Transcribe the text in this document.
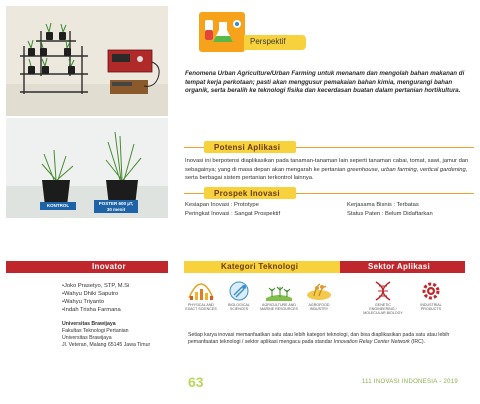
KONTROL	POSTER 600 µT, 30 menit
Perspektif
Fenomena Urban Agriculture/Urban Farming untuk menanam dan mengolah bahan makanan di tempat kerja perkotaan; pasti akan menggusur pemakaian bahan kimia, mengurangi bahan organik, serta beralih ke teknologi fisika dan kecerdasan buatan dalam pertanian hortikultura.
Potensi Aplikasi
Inovasi ini berpotensi diaplikasikan pada tanaman-tanaman lain seperti tanaman cabai, tomat, sawi, jamur dan sebagainya; yang di masa depan akan mengarah ke pertanian greenhouse, urban farming, vertical gardening, serta berbagai sistem pertanian terkontrol lainnya.
Prospek Inovasi
Kesiapan Inovasi : Prototype
Peringkat Inovasi : Sangat Prospektif
Kerjasama Bisnis : Terbatas
Status Paten : Belum Didaftarkan
Inovator
• Joko Prasetyo, STP, M.Si
• Wahyu Dhiki Saputro
• Wahyu Triyanto
• Indah Trisha Farmana
Universitas Brawijaya
Fakultas Teknologi Pertanian
Universitas Brawijaya
Jl. Veteran, Malang 65145 Jawa Timur
Kategori Teknologi	Sektor Aplikasi
PHYSICAL AND
EXACT SCIENCES
BIOLOGICAL
SCIENCES
AGRICULTURE AND
MARINE RESOURCES
AGROFOOD
INDUSTRY
GENETIC ENGINEERING /
MOLECULAR BIOLOGY
INDUSTRIAL
PRODUCTS
Setiap karya inovasi memanfaatkan satu atau lebih kategori teknologi, dan bisa diaplikasikan pada satu atau lebih pemanfaatan teknologi / sektor aplikasi mengacu pada standar Innovation Relay Center Network (IRC).
63	111 INOVASI INDONESIA - 2019
